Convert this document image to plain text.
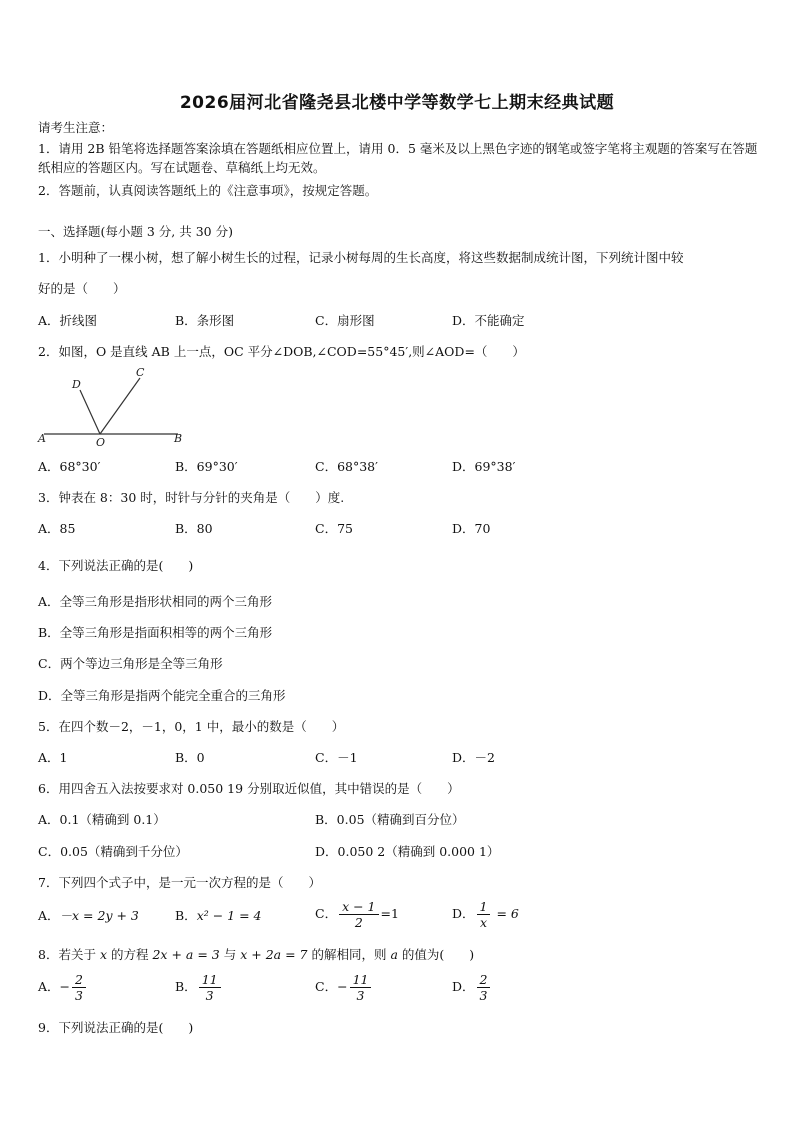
2026届河北省隆尧县北楼中学等数学七上期末经典试题
请考生注意：
1．请用 2B 铅笔将选择题答案涂填在答题纸相应位置上，请用 0．5 毫米及以上黑色字迹的钢笔或签字笔将主观题的答案写在答题纸相应的答题区内。写在试题卷、草稿纸上均无效。
2．答题前，认真阅读答题纸上的《注意事项》，按规定答题。
一、选择题(每小题 3 分, 共 30 分)
1．小明种了一棵小树，想了解小树生长的过程，记录小树每周的生长高度，将这些数据制成统计图，下列统计图中较
好的是（　　）
A．折线图	B．条形图	C．扇形图	D．不能确定
2．如图，O 是直线 AB 上一点，OC 平分∠DOB,∠COD=55°45′,则∠AOD=（　　）
A	O	B
D
C
A．68°30′	B．69°30′	C．68°38′	D．69°38′
3．钟表在 8：30 时，时针与分针的夹角是（　　）度.
A．85	B．80	C．75	D．70
4．下列说法正确的是(　　)
A．全等三角形是指形状相同的两个三角形
B．全等三角形是指面积相等的两个三角形
C．两个等边三角形是全等三角形
D．全等三角形是指两个能完全重合的三角形
5．在四个数－2，－1，0，1 中，最小的数是（　　）
A．1	B．0	C．－1	D．－2
6．用四舍五入法按要求对 0.050 19 分别取近似值，其中错误的是（　　）
A．0.1（精确到 0.1）	B．0.05（精确到百分位）
C．0.05（精确到千分位）	D．0.050 2（精确到 0.000 1）
7．下列四个式子中，是一元一次方程的是（　　）
A．－x = 2y + 3	B．x² − 1 = 4	C． $\frac{x - 1}{2} =1$	D． $\frac{1}{x} = 6$
8．若关于 x 的方程 2x + a = 3 与 x + 2a = 7 的解相同，则 a 的值为(　　)
A．− $\frac{2}{3}$	B． $\frac{11}{3}$	C．− $\frac{11}{3}$	D． $\frac{2}{3}$
9．下列说法正确的是(　　)
